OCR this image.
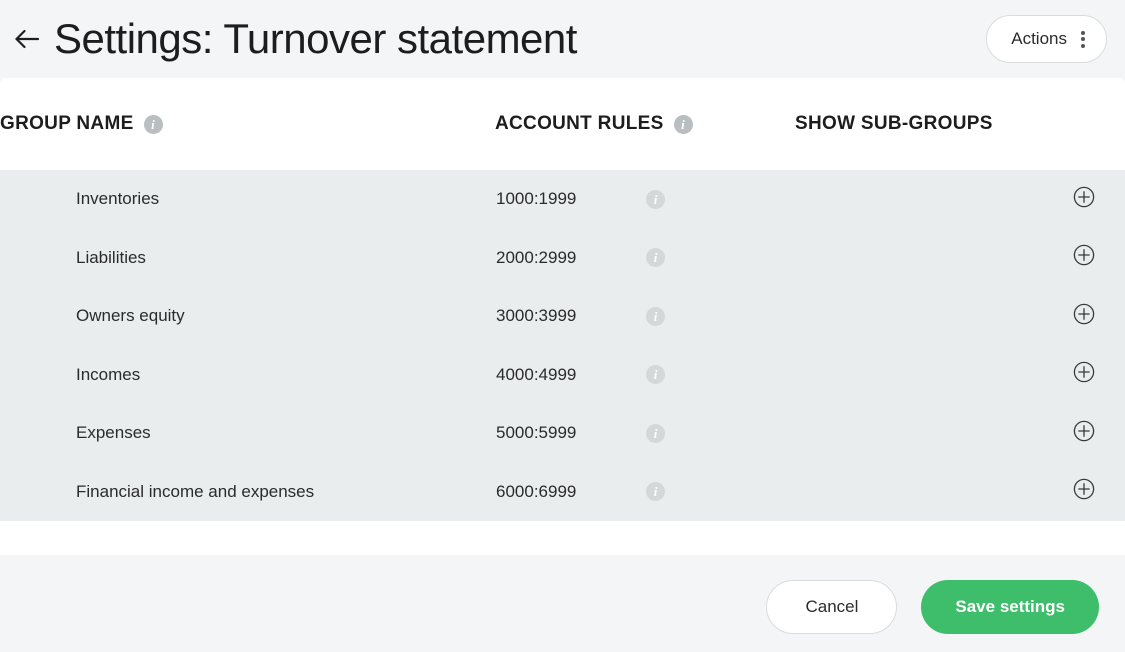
Settings: Turnover statement	Actions
GROUP NAME i	ACCOUNT RULES i		SHOW SUB-GROUPS

Inventories	1000:1999	i	

Liabilities	2000:2999	i	

Owners equity	3000:3999	i	

Incomes	4000:4999	i	

Expenses	5000:5999	i	

Financial income and expenses	6000:6999	i	
Cancel	Save settings
